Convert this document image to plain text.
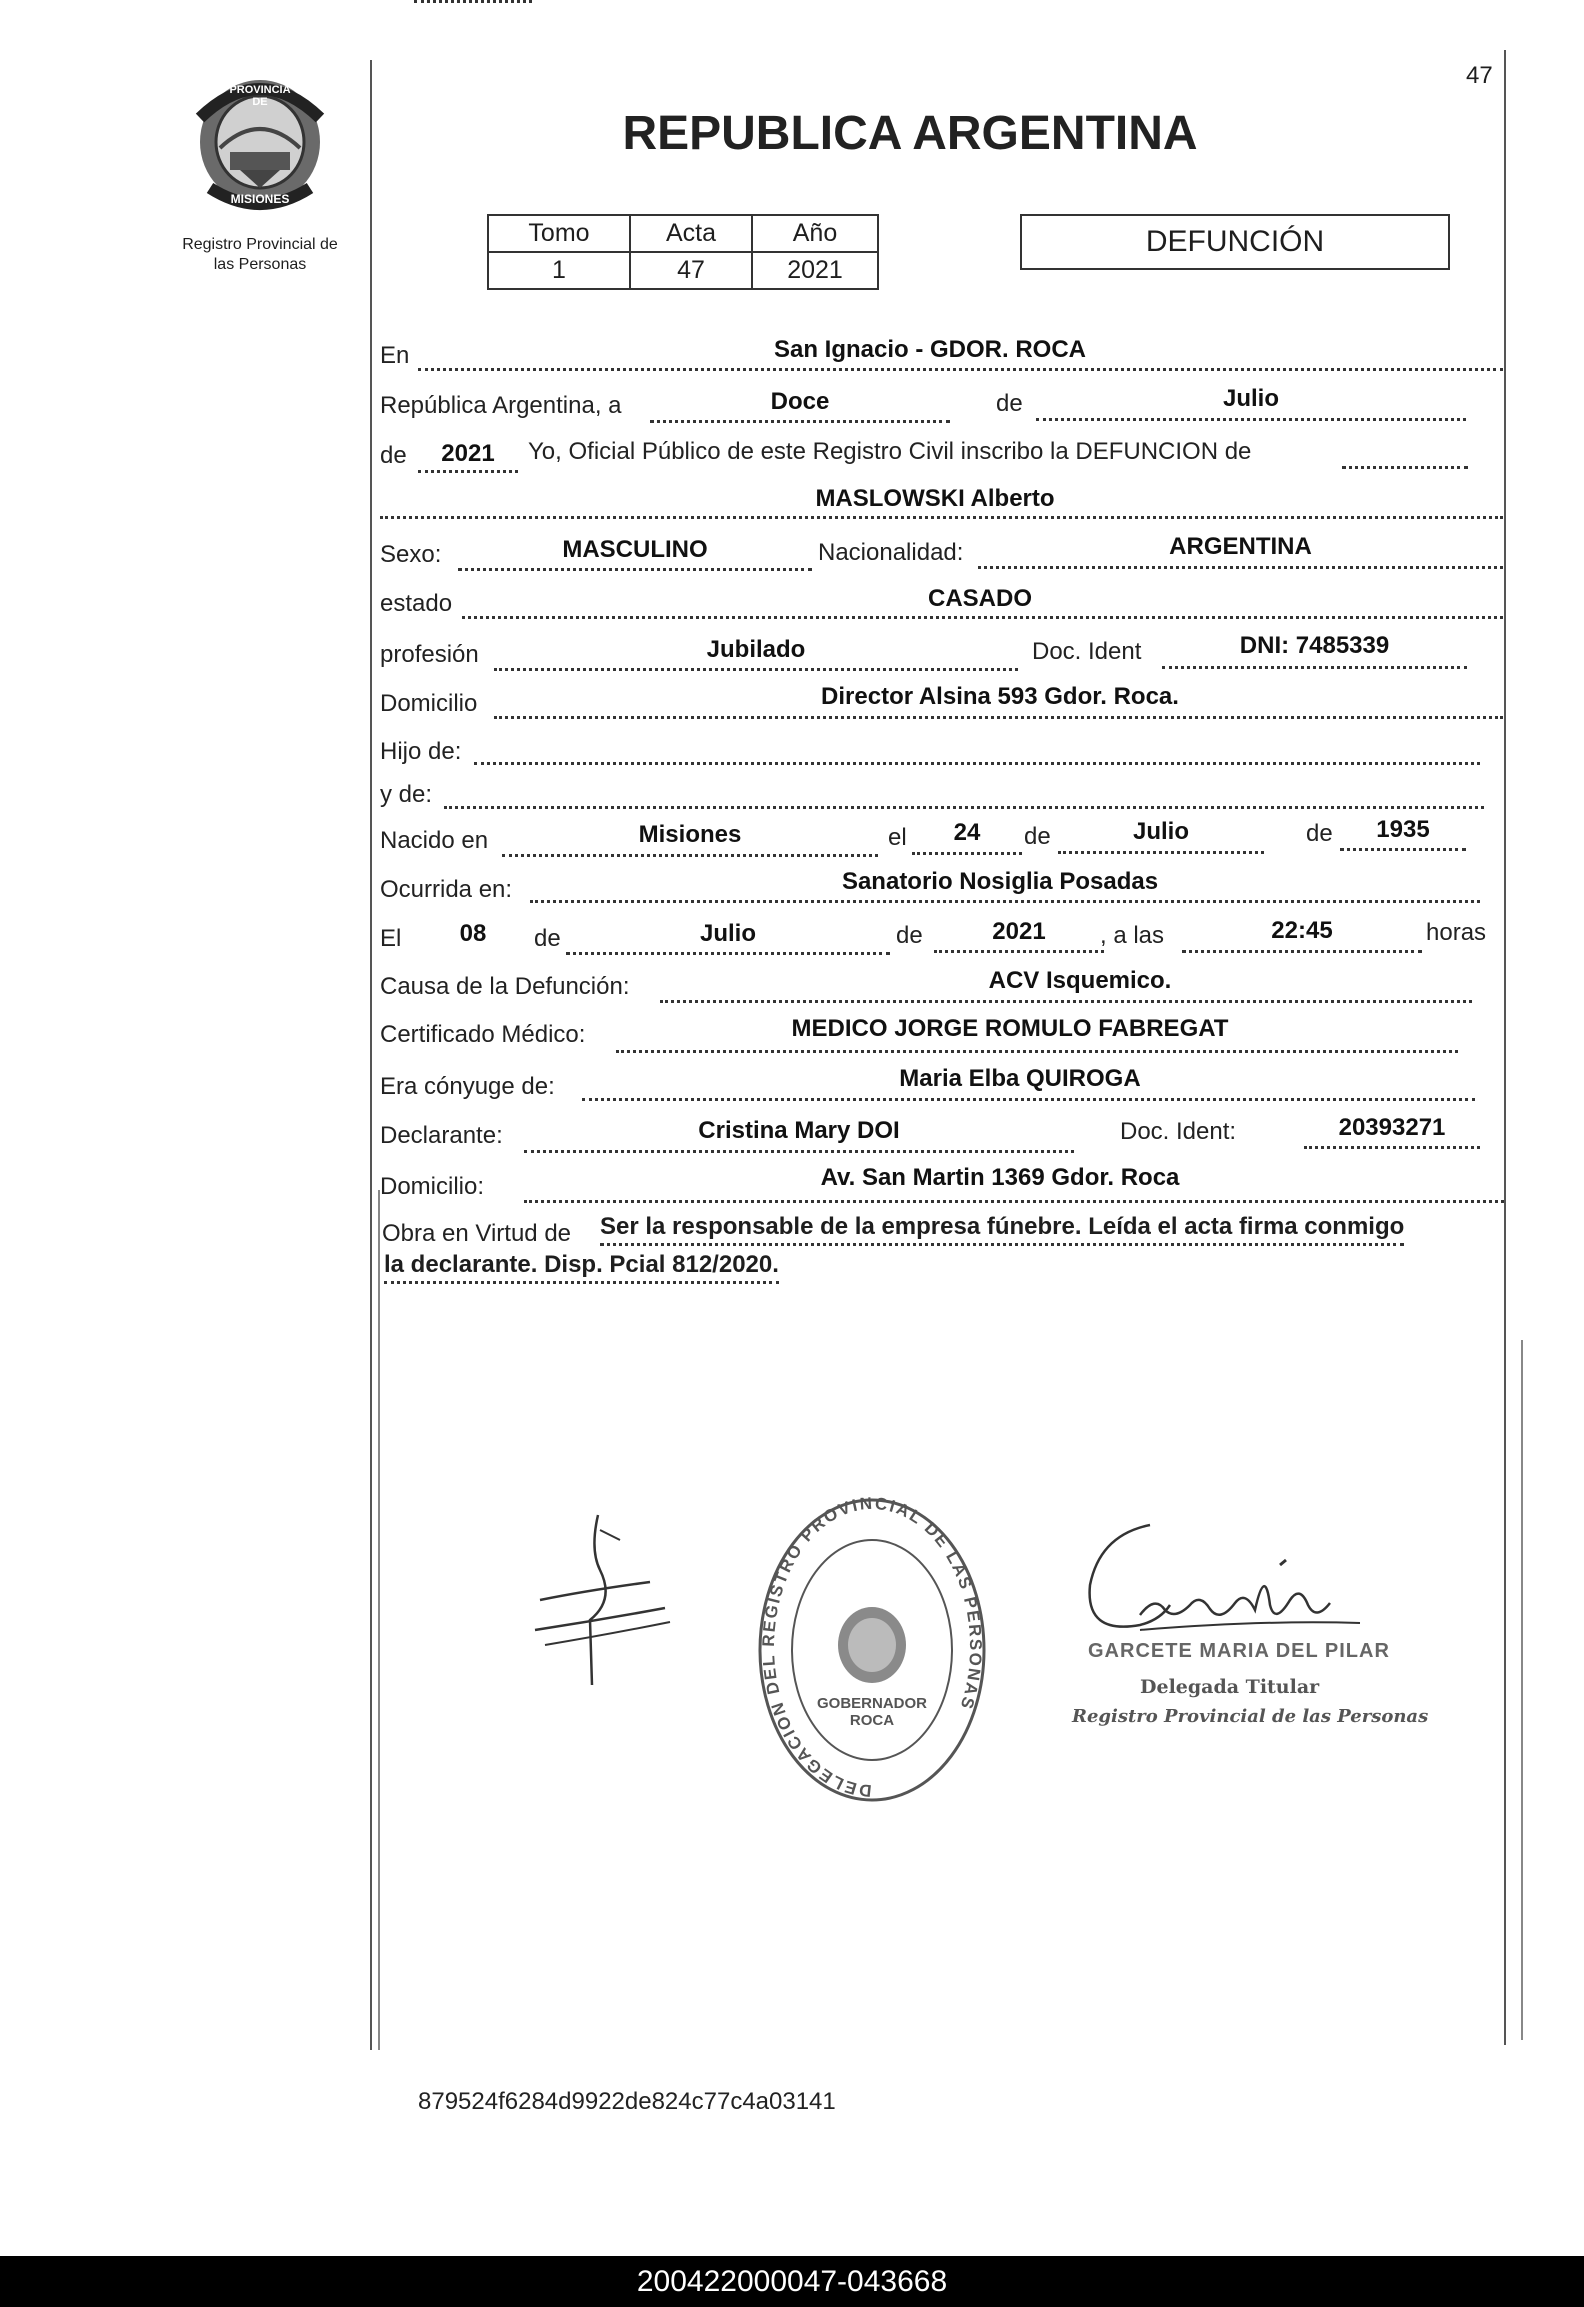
47
PROVINCIA DE
MISIONES
Registro Provincial de
las Personas
REPUBLICA ARGENTINA
Tomo	Acta	Año
1	47	2021
DEFUNCIÓN
En	San Ignacio - GDOR. ROCA
República Argentina, a	Doce	de	Julio
de	2021	Yo, Oficial Público de este Registro Civil inscribo la DEFUNCION de
MASLOWSKI Alberto
Sexo:	MASCULINO	Nacionalidad:	ARGENTINA
estado	CASADO
profesión	Jubilado	Doc. Ident	DNI: 7485339
Domicilio	Director Alsina 593 Gdor. Roca.
Hijo de:
y de:
Nacido en	Misiones	el	24	de	Julio	de	1935
Ocurrida en:	Sanatorio Nosiglia Posadas
El	08	de	Julio	de	2021	, a las	22:45	horas
Causa de la Defunción:	ACV Isquemico.
Certificado Médico:	MEDICO JORGE ROMULO FABREGAT
Era cónyuge de:	Maria Elba QUIROGA
Declarante:	Cristina Mary DOI	Doc. Ident:	20393271
Domicilio:	Av. San Martin 1369 Gdor. Roca
Obra en Virtud de Ser la responsable de la empresa fúnebre. Leída el acta firma conmigo
la declarante. Disp. Pcial 812/2020.
DELEGACION DEL REGISTRO PROVINCIAL DE LAS PERSONAS
GOBERNADOR ROCA
GARCETE MARIA DEL PILAR
Delegada Titular
Registro Provincial de las Personas
879524f6284d9922de824c77c4a03141
200422000047-043668
